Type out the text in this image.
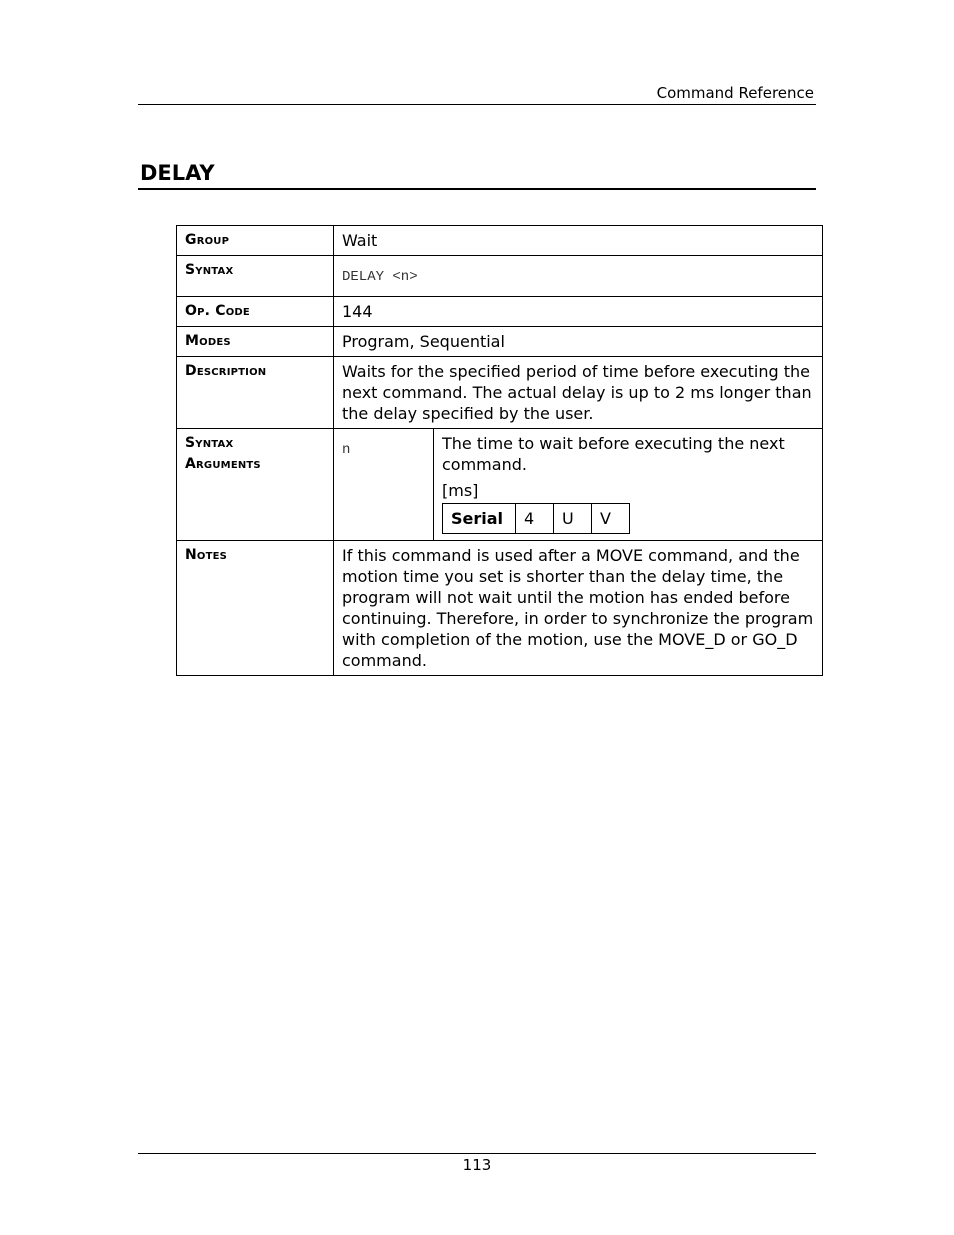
Command Reference
DELAY
Group	Wait
Syntax	DELAY <n>
Op. Code	144
Modes	Program, Sequential
Description	Waits for the specified period of time before executing the next command. The actual delay is up to 2 ms longer than the delay specified by the user.

Syntax
Arguments
	n	The time to wait before executing the next command.

[ms]

Serial	4	U	V

Notes	If this command is used after a MOVE command, and the motion time you set is shorter than the delay time, the program will not wait until the motion has ended before continuing. Therefore, in order to synchronize the program with completion of the motion, use the MOVE_D or GO_D command.
113
